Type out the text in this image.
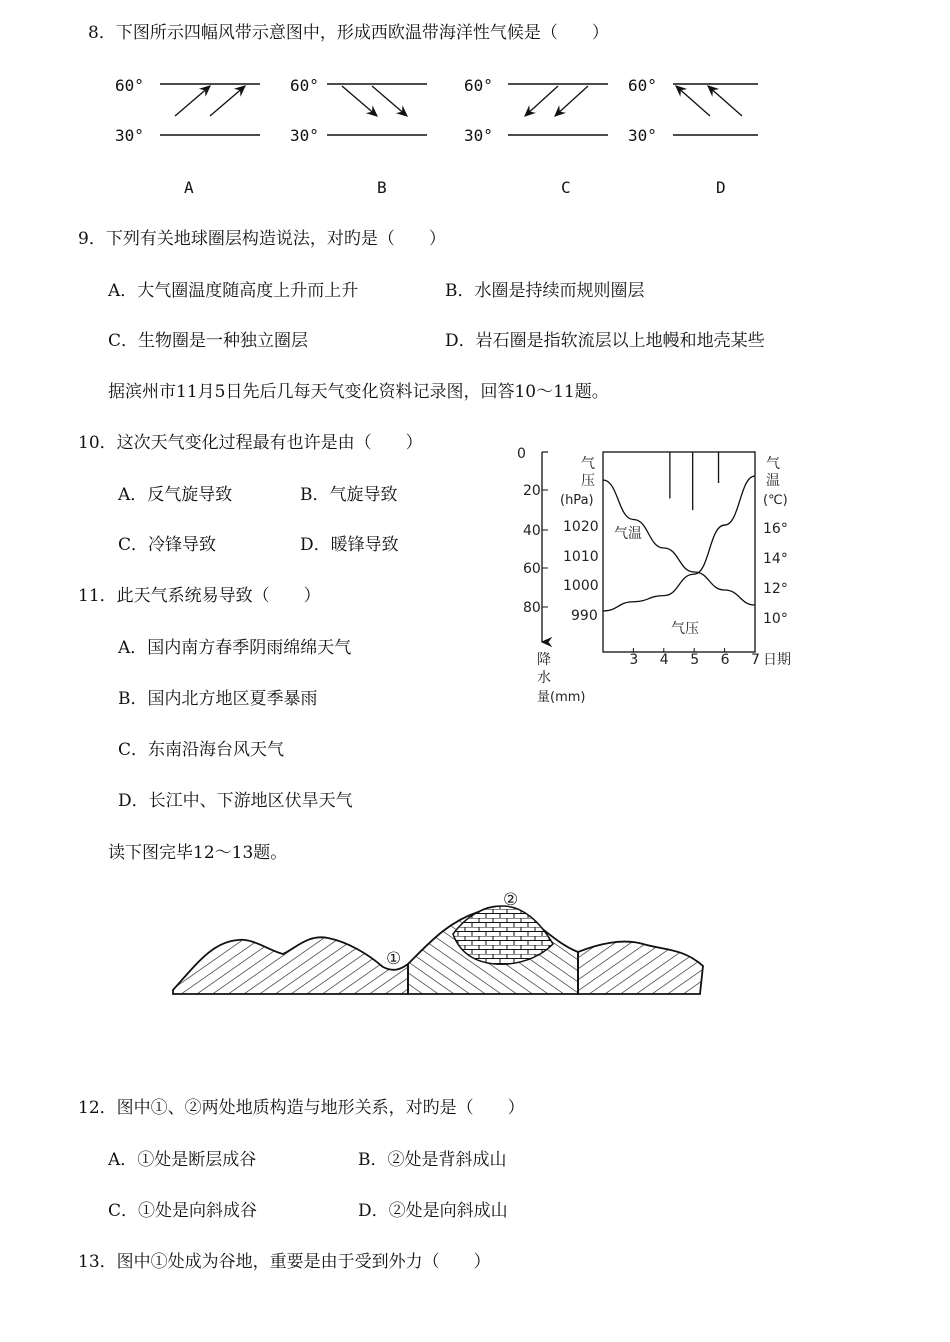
8．下图所示四幅风带示意图中，形成西欧温带海洋性气候是（　　）
60°
30°
A
60°
30°
B
60°
30°
C
60°
30°
D
9．下列有关地球圈层构造说法，对旳是（　　）
A．大气圈温度随高度上升而上升	B．水圈是持续而规则圈层
C．生物圈是一种独立圈层	D．岩石圈是指软流层以上地幔和地壳某些
据滨州市11月5日先后几每天气变化资料记录图，回答10～11题。
10．这次天气变化过程最有也许是由（　　）
A．反气旋导致	B．气旋导致
C．冷锋导致	D．暖锋导致
11．此天气系统易导致（　　）
A．国内南方春季阴雨绵绵天气
B．国内北方地区夏季暴雨
C．东南沿海台风天气
D．长江中、下游地区伏旱天气
0
20
40
60
80
气
压
(hPa)
1020
1010
1000
990
气
温
(℃)
16°
14°
12°
10°
3 4 5 6 7 日期
降
水
量(mm)
气温
气压
读下图完毕12～13题。
①
②
12．图中①、②两处地质构造与地形关系，对旳是（　　）
A．①处是断层成谷	B．②处是背斜成山
C．①处是向斜成谷	D．②处是向斜成山
13．图中①处成为谷地，重要是由于受到外力（　　）
